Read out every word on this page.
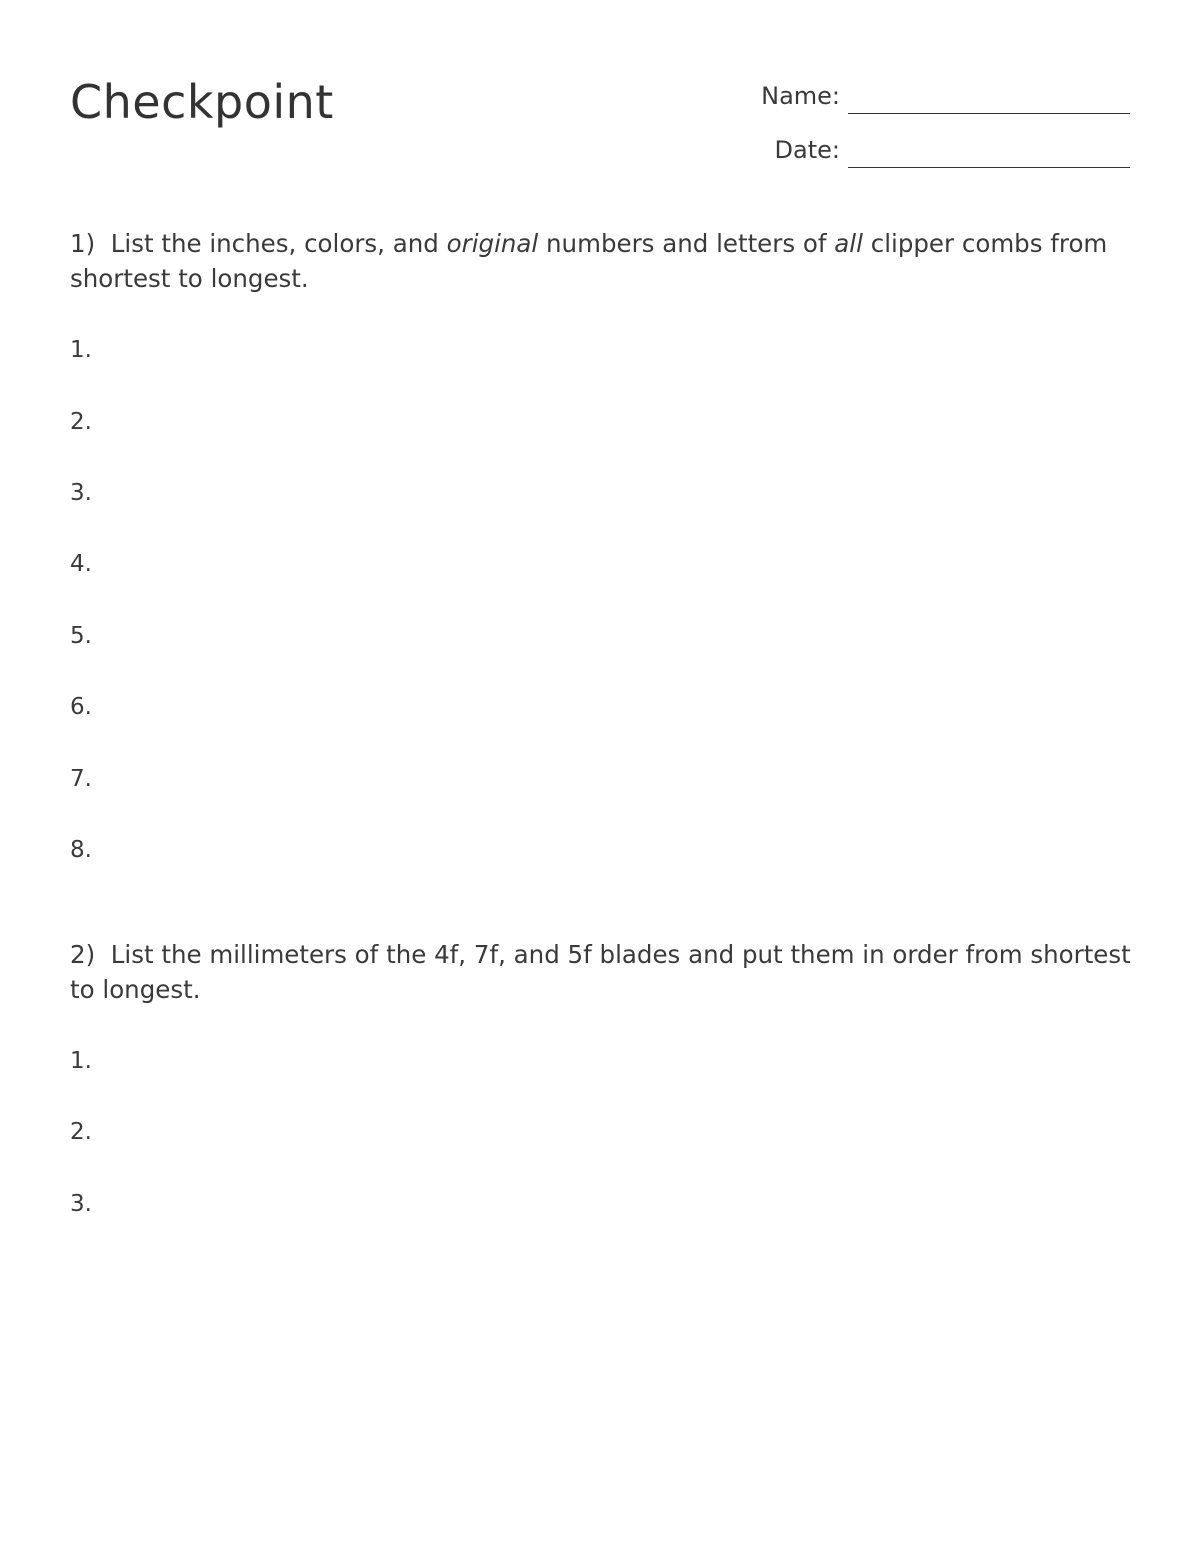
Checkpoint	Name:
Date:

1) List the inches, colors, and original numbers and letters of all clipper combs from shortest to longest.

1.
2.
3.
4.
5.
6.
7.
8.

2) List the millimeters of the 4f, 7f, and 5f blades and put them in order from shortest to longest.

1.
2.
3.
